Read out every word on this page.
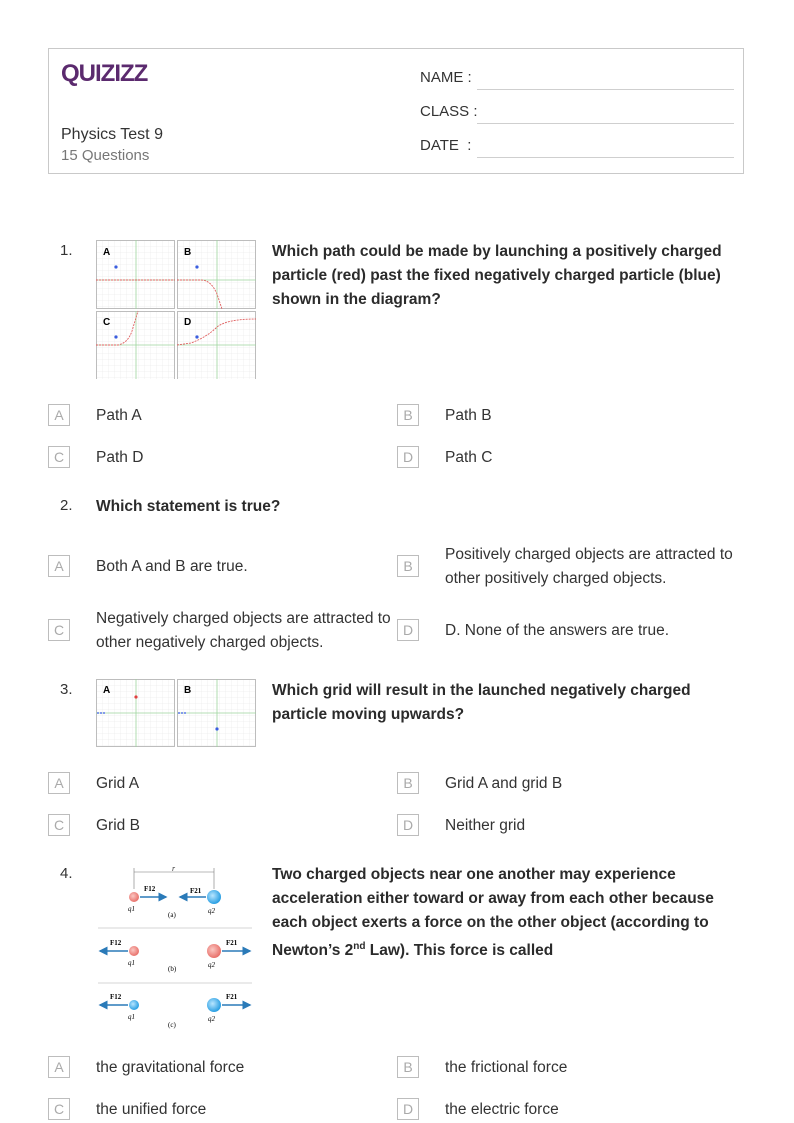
QUIZIZZ
Physics Test 9
15 Questions
NAME :
CLASS :
DATE  :
1.	A	B
C	D
Which path could be made by launching a positively charged particle (red) past the fixed negatively charged particle (blue) shown in the diagram?
A	Path A	B	Path B
C	Path D	D	Path C
2. Which statement is true?
A	Both A and B are true.	B
Positively charged objects are attracted to other positively charged objects.
C
Negatively charged objects are attracted to other negatively charged objects.
D	D. None of the answers are true.
3.	A	B	Which grid will result in the launched negatively charged particle moving upwards?
A	Grid A	B	Grid A and grid B
C	Grid B	D	Neither grid
4.	r
F12	F21
q1	q2
(a)
F12	F21
q1	q2
(b)
F12	F21
q1	q2
(c)
Two charged objects near one another may experience acceleration either toward or away from each other because each object exerts a force on the other object (according to Newton’s 2nd Law). This force is called
A	the gravitational force	B	the frictional force
C	the unified force	D	the electric force
